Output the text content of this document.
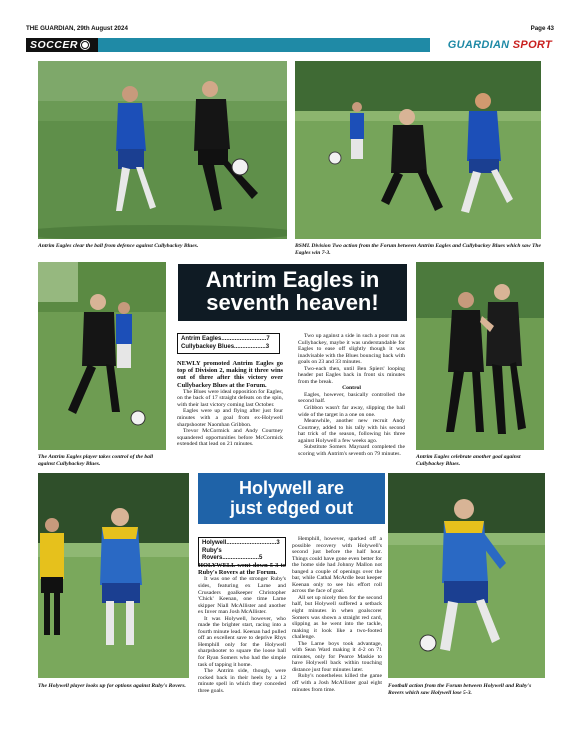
THE GUARDIAN, 29th August 2024	Page 43
SOCCER	GUARDIAN SPORT
Antrim Eagles clear the ball from defence against Cullybackey Blues.	BSML Division Two action from the Forum between Antrim Eagles and Cullybackey Blues which saw The Eagles win 7-3.
The Antrim Eagles player takes control of the ball against Cullybackey Blues.
Antrim Eagles celebrate another goal against Cullybackey Blues.
Antrim Eagles in
seventh heaven!
Antrim Eagles...........................7
Cullybackey Blues...................3

NEWLY promoted Antrim Eagles go top of Division 2, making it three wins out of three after this victory over Cullybackey Blues at the Forum.

The Blues were ideal opposition for Eagles, on the back of 17 straight defeats on the spin, with their last victory coming last October.

Eagles were up and flying after just four minutes with a goal from ex-Holywell sharpshooter Naomhan Gribbon.

Trevor McCormick and Andy Courtney squandered opportunities before McCormick extended that lead on 21 minutes.

Two up against a side in such a poor run as Cullybackey, maybe it was understandable for Eagles to ease off slightly though it was inadvisable with the Blues bouncing back with goals on 23 and 33 minutes.

Two-each then, until Ben Spiers' looping header put Eagles back in front six minutes from the break.

Control

Eagles, however, basically controlled the second half.

Gribbon wasn't far away, slipping the ball wide of the target in a one on one.

Meanwhile, another new recruit Andy Courtney, added to his tally with his second hat trick of the season, following his three against Holywell a few weeks ago.

Substitute Somers Maynard completed the scoring with Antrim's seventh on 79 minutes.

The Holywell player looks up for options against Ruby's Rovers.
Holywell are
just edged out
Holywell..............................3
Ruby's Rovers......................5

HOLYWELL went down 5-3 to Ruby's Rovers at the Forum.

It was one of the stronger Ruby's sides, featuring ex Larne and Crusaders goalkeeper Christopher 'Chick' Keenan, one time Larne skipper Niall McAllister and another ex Inver man Josh McAllister.

It was Holywell, however, who made the brighter start, racing into a fourth minute lead. Keenan had pulled off an excellent save to deprive Rhys Hemphill only for the Holywell sharpshooter to square the loose ball for Ryan Somers who had the simple task of tapping it home.

The Antrim side, though, were rocked back in their heels by a 12 minute spell in which they conceded three goals.

Hemphill, however, sparked off a possible recovery with Holywell's second just before the half hour. Things could have gone even better for the home side had Johnny Mallon not banged a couple of openings over the bar, while Cathal McArdle beat keeper Keenan only to see his effort roll across the face of goal.

All set up nicely then for the second half, but Holywell suffered a setback eight minutes in when goalscorer Somers was shown a straight red card, slipping as he went into the tackle, making it look like a two-footed challenge.

The Larne boys took advantage, with Sean Ward making it 4-2 on 71 minutes, only for Pearce Maskie to have Holywell back within touching distance just four minutes later.

Ruby's nonetheless killed the game off with a Josh McAllister goal eight minutes from time.

Football action from the Forum between Holywell and Ruby's Rovers which saw Holywell lose 5-3.
